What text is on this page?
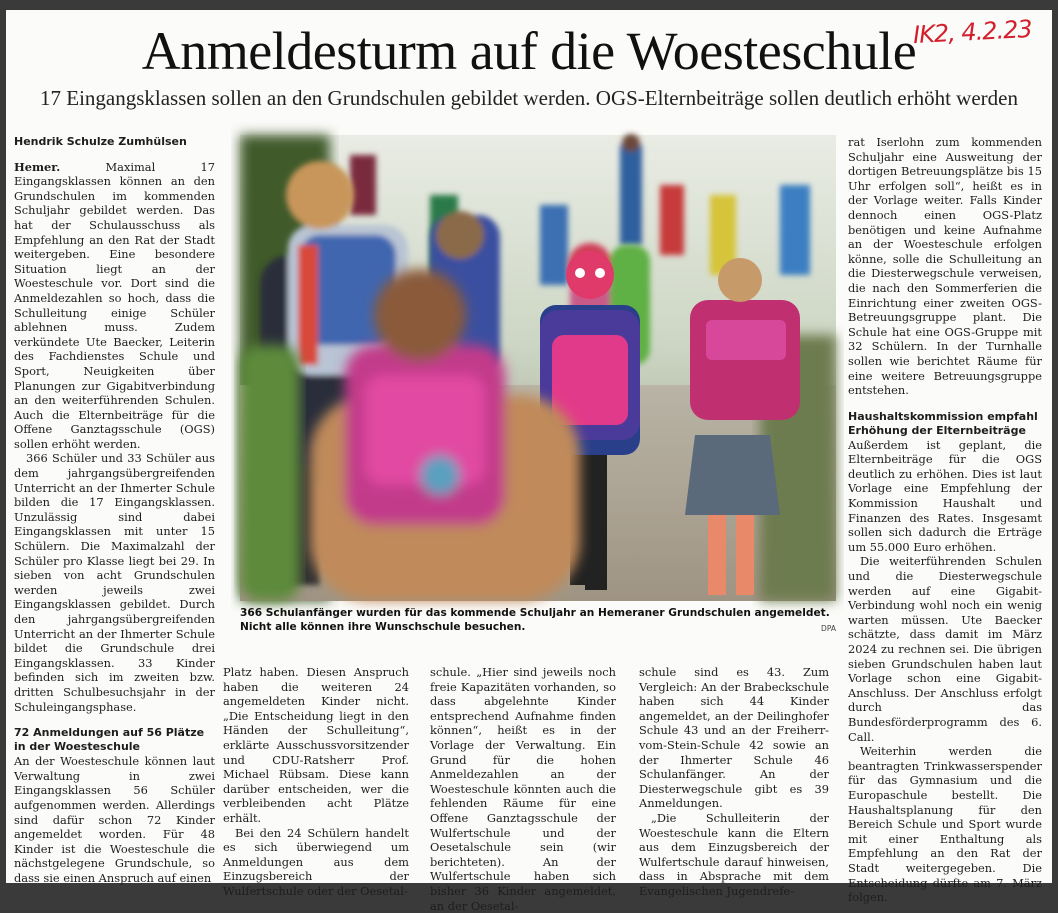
Anmeldesturm auf die Woesteschule
IK2, 4.2.23
17 Eingangsklassen sollen an den Grundschulen gebildet werden. OGS-Elternbeiträge sollen deutlich erhöht werden
Hendrik Schulze Zumhülsen

Hemer. Maximal 17 Eingangsklassen können an den Grundschulen im kommenden Schuljahr gebildet werden. Das hat der Schulausschuss als Empfehlung an den Rat der Stadt weitergeben. Eine besondere Situation liegt an der Woesteschule vor. Dort sind die Anmeldezahlen so hoch, dass die Schulleitung einige Schüler ablehnen muss. Zudem verkündete Ute Baecker, Leiterin des Fachdienstes Schule und Sport, Neuigkeiten über Planungen zur Gigabitverbindung an den weiterführenden Schulen. Auch die Elternbeiträge für die Offene Ganztagsschule (OGS) sollen erhöht werden.

366 Schüler und 33 Schüler aus dem jahrgangsübergreifenden Unterricht an der Ihmerter Schule bilden die 17 Eingangsklassen. Unzulässig sind dabei Eingangsklassen mit unter 15 Schülern. Die Maximalzahl der Schüler pro Klasse liegt bei 29. In sieben von acht Grundschulen werden jeweils zwei Eingangsklassen gebildet. Durch den jahrgangsübergreifenden Unterricht an der Ihmerter Schule bildet die Grundschule drei Eingangsklassen. 33 Kinder befinden sich im zweiten bzw. dritten Schulbesuchsjahr in der Schuleingangsphase.

72 Anmeldungen auf 56 Plätze in der Woesteschule

An der Woesteschule können laut Verwaltung in zwei Eingangsklassen 56 Schüler aufgenommen werden. Allerdings sind dafür schon 72 Kinder angemeldet worden. Für 48 Kinder ist die Woesteschule die nächstgelegene Grundschule, so dass sie einen Anspruch auf einen

366 Schulanfänger wurden für das kommende Schuljahr an Hemeraner Grundschulen angemeldet. Nicht alle können ihre Wunschschule besuchen.	DPA

Platz haben. Diesen Anspruch haben die weiteren 24 angemeldeten Kinder nicht. „Die Entscheidung liegt in den Händen der Schulleitung“, erklärte Ausschussvorsitzender und CDU-Ratsherr Prof. Michael Rübsam. Diese kann darüber entscheiden, wer die verbleibenden acht Plätze erhält.

Bei den 24 Schülern handelt es sich überwiegend um Anmeldungen aus dem Einzugsbereich der Wulfertschule oder der Oesetal-

schule. „Hier sind jeweils noch freie Kapazitäten vorhanden, so dass abgelehnte Kinder entsprechend Aufnahme finden können“, heißt es in der Vorlage der Verwaltung. Ein Grund für die hohen Anmeldezahlen an der Woesteschule könnten auch die fehlenden Räume für eine Offene Ganztagsschule der Wulfertschule und der Oesetalschule sein (wir berichteten). An der Wulfertschule haben sich bisher 36 Kinder angemeldet, an der Oesetal-

schule sind es 43. Zum Vergleich: An der Brabeckschule haben sich 44 Kinder angemeldet, an der Deilinghofer Schule 43 und an der Freiherr-vom-Stein-Schule 42 sowie an der Ihmerter Schule 46 Schulanfänger. An der Diesterwegschule gibt es 39 Anmeldungen.

„Die Schulleiterin der Woesteschule kann die Eltern aus dem Einzugsbereich der Wulfertschule darauf hinweisen, dass in Absprache mit dem Evangelischen Jugendrefe-

rat Iserlohn zum kommenden Schuljahr eine Ausweitung der dortigen Betreuungsplätze bis 15 Uhr erfolgen soll“, heißt es in der Vorlage weiter. Falls Kinder dennoch einen OGS-Platz benötigen und keine Aufnahme an der Woesteschule erfolgen könne, solle die Schulleitung an die Diesterwegschule verweisen, die nach den Sommerferien die Einrichtung einer zweiten OGS-Betreuungsgruppe plant. Die Schule hat eine OGS-Gruppe mit 32 Schülern. In der Turnhalle sollen wie berichtet Räume für eine weitere Betreuungsgruppe entstehen.

Haushaltskommission empfahl Erhöhung der Elternbeiträge

Außerdem ist geplant, die Elternbeiträge für die OGS deutlich zu erhöhen. Dies ist laut Vorlage eine Empfehlung der Kommission Haushalt und Finanzen des Rates. Insgesamt sollen sich dadurch die Erträge um 55.000 Euro erhöhen.

Die weiterführenden Schulen und die Diesterwegschule werden auf eine Gigabit-Verbindung wohl noch ein wenig warten müssen. Ute Baecker schätzte, dass damit im März 2024 zu rechnen sei. Die übrigen sieben Grundschulen haben laut Vorlage schon eine Gigabit-Anschluss. Der Anschluss erfolgt durch das Bundesförderprogramm des 6. Call.

Weiterhin werden die beantragten Trinkwasserspender für das Gymnasium und die Europaschule bestellt. Die Haushaltsplanung für den Bereich Schule und Sport wurde mit einer Enthaltung als Empfehlung an den Rat der Stadt weitergegeben. Die Entscheidung dürfte am 7. März folgen.
